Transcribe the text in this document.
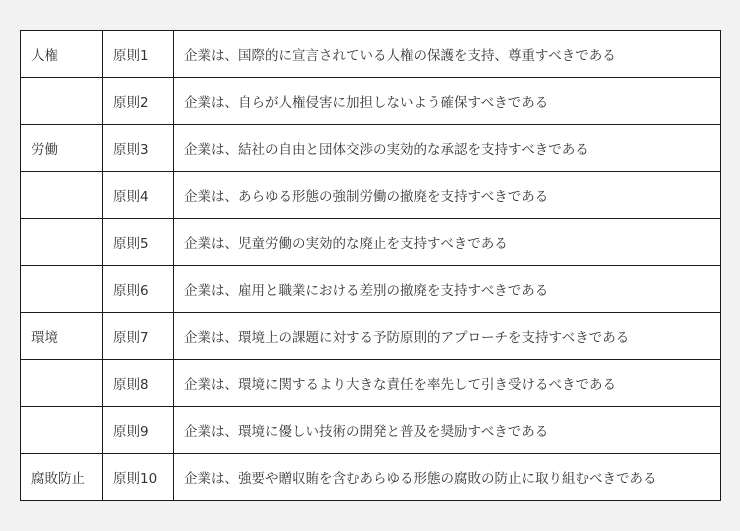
人権	原則1	企業は、国際的に宣言されている人権の保護を支持、尊重すべきである
	原則2	企業は、自らが人権侵害に加担しないよう確保すべきである
労働	原則3	企業は、結社の自由と団体交渉の実効的な承認を支持すべきである
	原則4	企業は、あらゆる形態の強制労働の撤廃を支持すべきである
	原則5	企業は、児童労働の実効的な廃止を支持すべきである
	原則6	企業は、雇用と職業における差別の撤廃を支持すべきである
環境	原則7	企業は、環境上の課題に対する予防原則的アプローチを支持すべきである
	原則8	企業は、環境に関するより大きな責任を率先して引き受けるべきである
	原則9	企業は、環境に優しい技術の開発と普及を奨励すべきである
腐敗防止	原則10	企業は、強要や贈収賄を含むあらゆる形態の腐敗の防止に取り組むべきである
